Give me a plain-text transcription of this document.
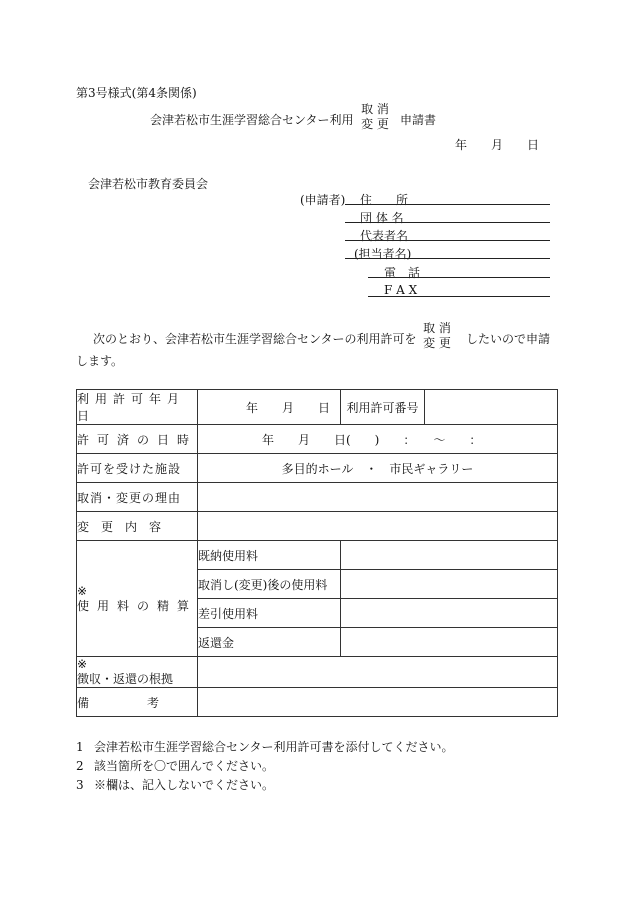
第3号様式(第4条関係)
会津若松市生涯学習総合センター利用
取 消
変 更 申請書
年 月 日
会津若松市教育委員会
(申請者) 住　　所
団 体 名
代表者名
(担当者名)
電　話
F A X
次のとおり、会津若松市生涯学習総合センターの利用許可を
取 消
変 更 したいので申請
します。
利用許可年月日	年 月 日	利用許可番号	

許可済の日時	年　　月　　日(　　)　　：　　～　　：		

許可を受けた施設	多目的ホール　・　市民ギャラリー		

取消・変更の理由			

変　更　内　容			

※
使用料の精算	既納使用料		
	取消し(変更)後の使用料		
	差引使用料		
	返還金		

※
徴収・返還の根拠			

備　　　　考			

1 会津若松市生涯学習総合センター利用許可書を添付してください。
2 該当箇所を〇で囲んでください。
3 ※欄は、記入しないでください。
